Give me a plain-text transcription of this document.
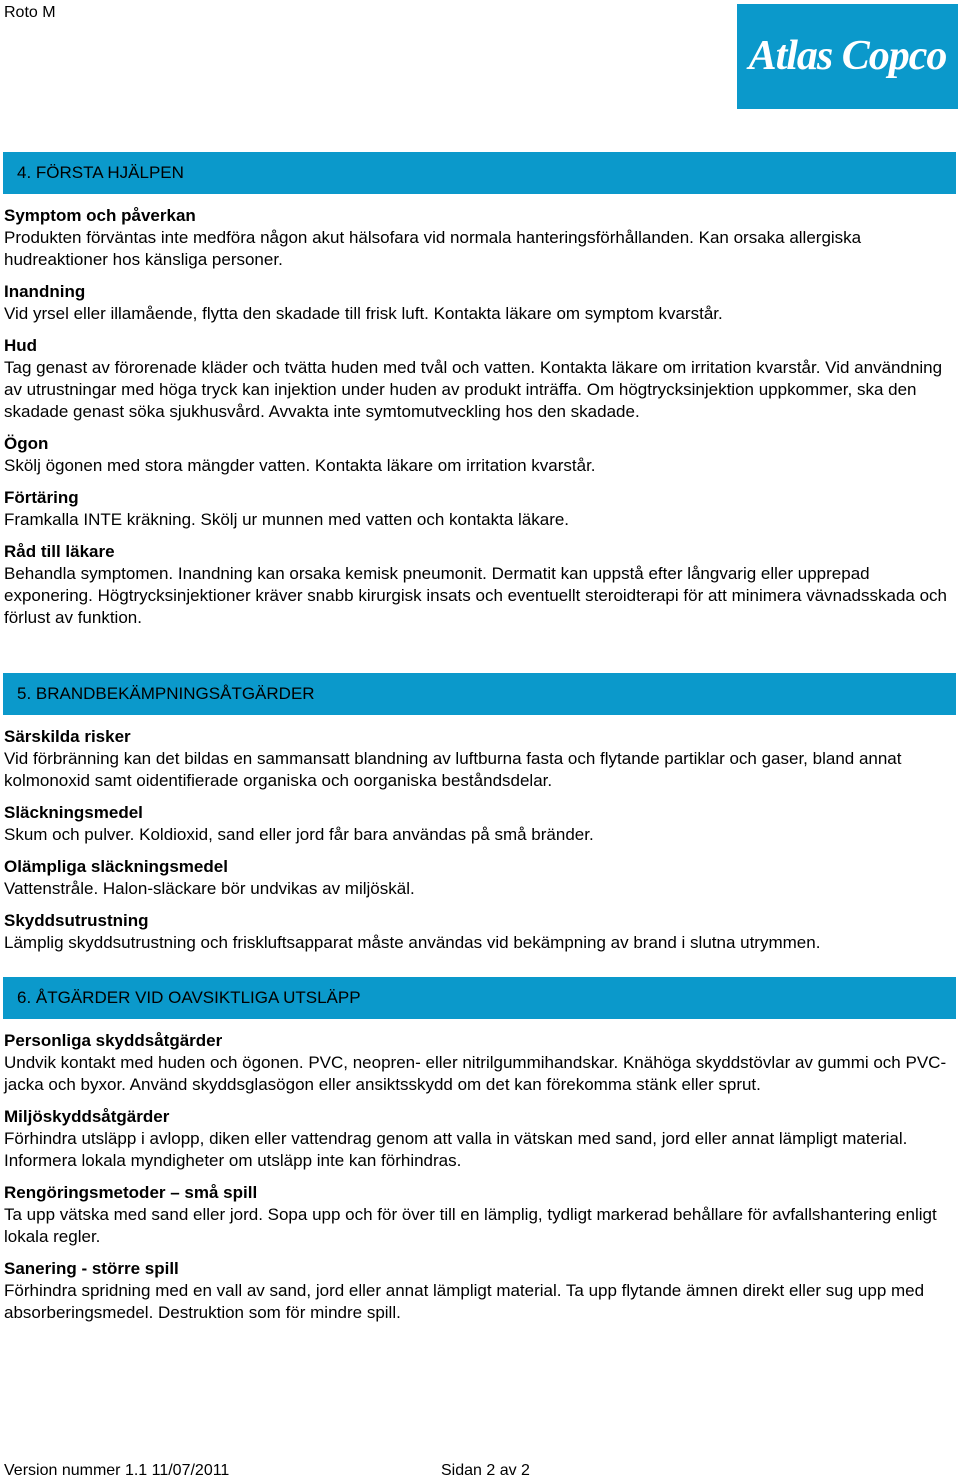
Roto M
Atlas Copco
4. FÖRSTA HJÄLPEN

Symptom och påverkan

Produkten förväntas inte medföra någon akut hälsofara vid normala hanteringsförhållanden. Kan orsaka allergiska hudreaktioner hos känsliga personer.

Inandning

Vid yrsel eller illamående, flytta den skadade till frisk luft. Kontakta läkare om symptom kvarstår.

Hud

Tag genast av förorenade kläder och tvätta huden med tvål och vatten. Kontakta läkare om irritation kvarstår. Vid användning av utrustningar med höga tryck kan injektion under huden av produkt inträffa. Om högtrycksinjektion uppkommer, ska den skadade genast söka sjukhusvård. Avvakta inte symtomutveckling hos den skadade.

Ögon

Skölj ögonen med stora mängder vatten. Kontakta läkare om irritation kvarstår.

Förtäring

Framkalla INTE kräkning. Skölj ur munnen med vatten och kontakta läkare.

Råd till läkare

Behandla symptomen. Inandning kan orsaka kemisk pneumonit. Dermatit kan uppstå efter långvarig eller upprepad exponering. Högtrycksinjektioner kräver snabb kirurgisk insats och eventuellt steroidterapi för att minimera vävnadsskada och förlust av funktion.

5. BRANDBEKÄMPNINGSÅTGÄRDER

Särskilda risker

Vid förbränning kan det bildas en sammansatt blandning av luftburna fasta och flytande partiklar och gaser, bland annat kolmonoxid samt oidentifierade organiska och oorganiska beståndsdelar.

Släckningsmedel

Skum och pulver. Koldioxid, sand eller jord får bara användas på små bränder.

Olämpliga släckningsmedel

Vattenstråle. Halon-släckare bör undvikas av miljöskäl.

Skyddsutrustning

Lämplig skyddsutrustning och friskluftsapparat måste användas vid bekämpning av brand i slutna utrymmen.

6. ÅTGÄRDER VID OAVSIKTLIGA UTSLÄPP

Personliga skyddsåtgärder

Undvik kontakt med huden och ögonen. PVC, neopren- eller nitrilgummihandskar. Knähöga skyddstövlar av gummi och PVC-jacka och byxor. Använd skyddsglasögon eller ansiktsskydd om det kan förekomma stänk eller sprut.

Miljöskyddsåtgärder

Förhindra utsläpp i avlopp, diken eller vattendrag genom att valla in vätskan med sand, jord eller annat lämpligt material. Informera lokala myndigheter om utsläpp inte kan förhindras.

Rengöringsmetoder – små spill

Ta upp vätska med sand eller jord. Sopa upp och för över till en lämplig, tydligt markerad behållare för avfallshantering enligt lokala regler.

Sanering - större spill

Förhindra spridning med en vall av sand, jord eller annat lämpligt material. Ta upp flytande ämnen direkt eller sug upp med absorberingsmedel. Destruktion som för mindre spill.

Version nummer 1.1 11/07/2011	Sidan 2 av 2
